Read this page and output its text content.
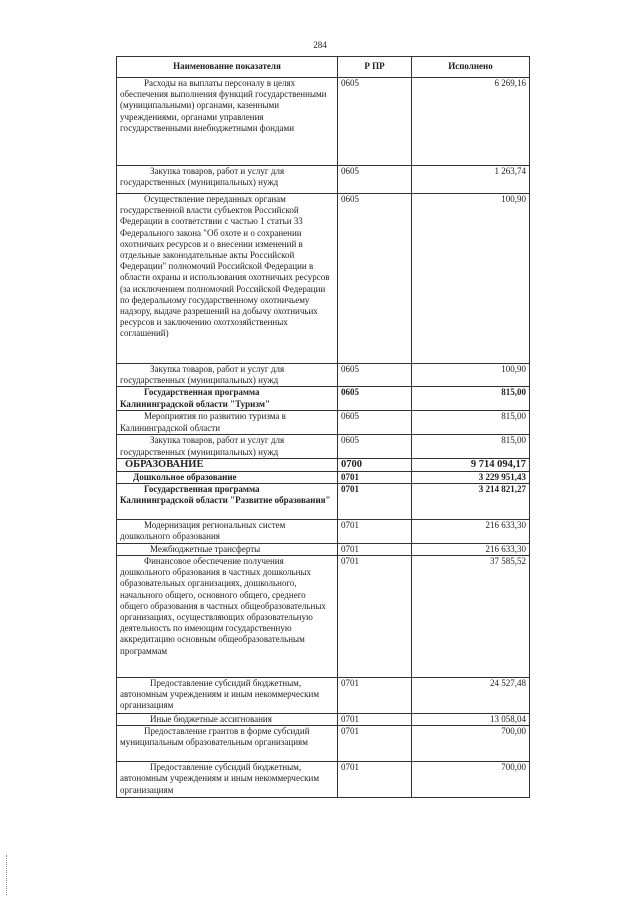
284
Наименование показателя	Р ПР	Исполнено
Расходы на выплаты персоналу в целях обеспечения выполнения функций государственными (муниципальными) органами, казенными учреждениями, органами управления государственными внебюджетными фондами	0605	6 269,16
Закупка товаров, работ и услуг для государственных (муниципальных) нужд	0605	1 263,74
Осуществление переданных органам государственной власти субъектов Российской Федерации в соответствии с частью 1 статьи 33 Федерального закона "Об охоте и о сохранении охотничьих ресурсов и о внесении изменений в отдельные законодательные акты Российской Федерации" полномочий Российской Федерации в области охраны и использования охотничьих ресурсов (за исключением полномочий Российской Федерации по федеральному государственному охотничьему надзору, выдаче разрешений на добычу охотничьих ресурсов и заключению охотхозяйственных соглашений)	0605	100,90
Закупка товаров, работ и услуг для государственных (муниципальных) нужд	0605	100,90
Государственная программа Калининградской области "Туризм"	0605	815,00
Мероприятия по развитию туризма в Калининградской области	0605	815,00
Закупка товаров, работ и услуг для государственных (муниципальных) нужд	0605	815,00
ОБРАЗОВАНИЕ	0700	9 714 094,17
Дошкольное образование	0701	3 229 951,43
Государственная программа Калининградской области "Развитие образования"	0701	3 214 821,27
Модернизация региональных систем дошкольного образования	0701	216 633,30
Межбюджетные трансферты	0701	216 633,30
Финансовое обеспечение получения дошкольного образования в частных дошкольных образовательных организациях, дошкольного, начального общего, основного общего, среднего общего образования в частных общеобразовательных организациях, осуществляющих образовательную деятельность по имеющим государственную аккредитацию основным общеобразовательным программам	0701	37 585,52
Предоставление субсидий бюджетным, автономным учреждениям и иным некоммерческим организациям	0701	24 527,48
Иные бюджетные ассигнования	0701	13 058,04
Предоставление грантов в форме субсидий муниципальным образовательным организациям	0701	700,00
Предоставление субсидий бюджетным, автономным учреждениям и иным некоммерческим организациям	0701	700,00
